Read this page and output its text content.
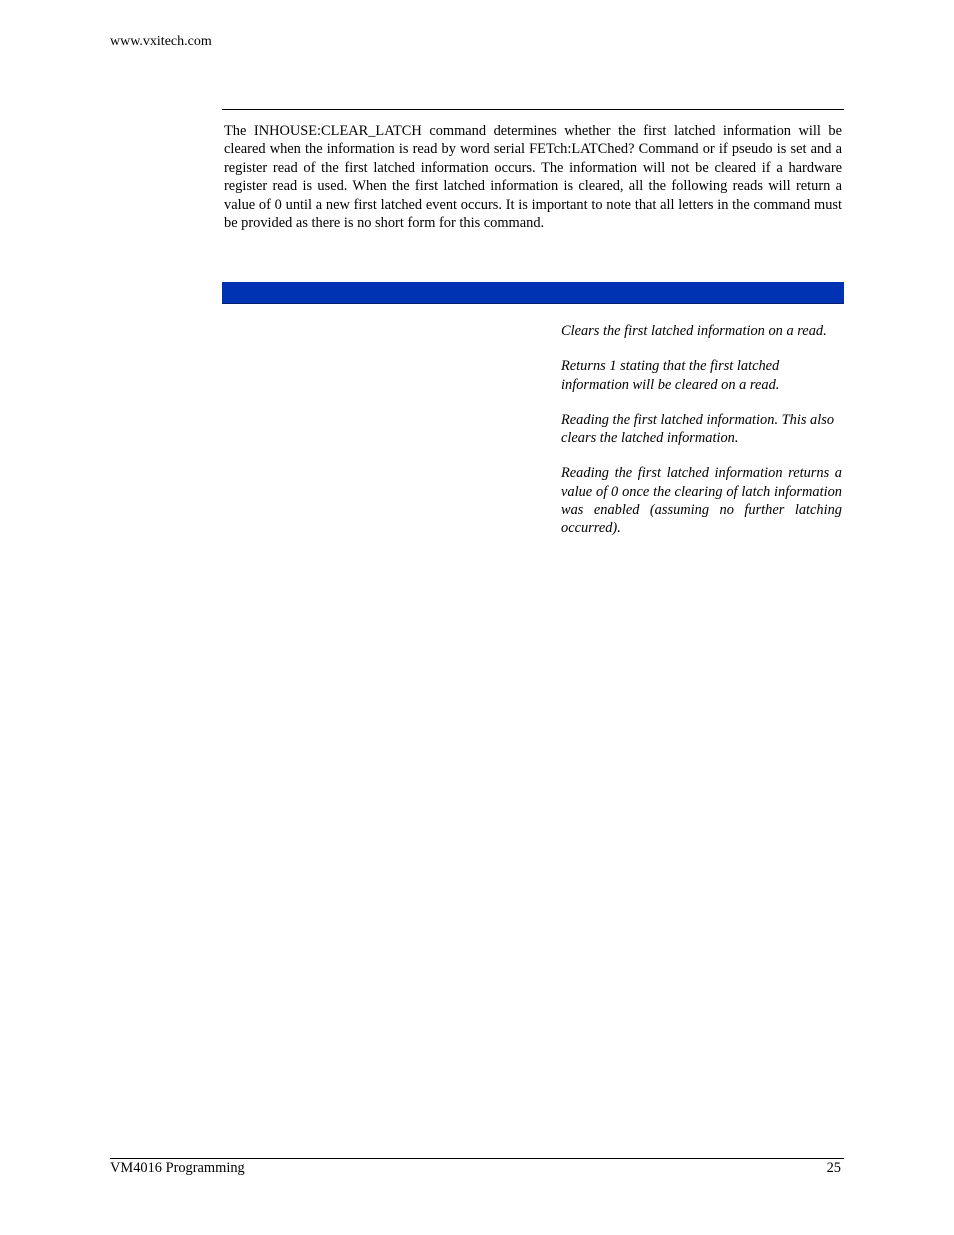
www.vxitech.com

The INHOUSE:CLEAR_LATCH command determines whether the first latched information will be cleared when the information is read by word serial FETch:LATChed? Command or if pseudo is set and a register read of the first latched information occurs. The information will not be cleared if a hardware register read is used. When the first latched information is cleared, all the following reads will return a value of 0 until a new first latched event occurs. It is important to note that all letters in the command must be provided as there is no short form for this command.

Clears the first latched information on a read.

Returns 1 stating that the first latched information will be cleared on a read.

Reading the first latched information. This also clears the latched information.

Reading the first latched information returns a value of 0 once the clearing of latch information was enabled (assuming no further latching occurred).

VM4016 Programming	25
